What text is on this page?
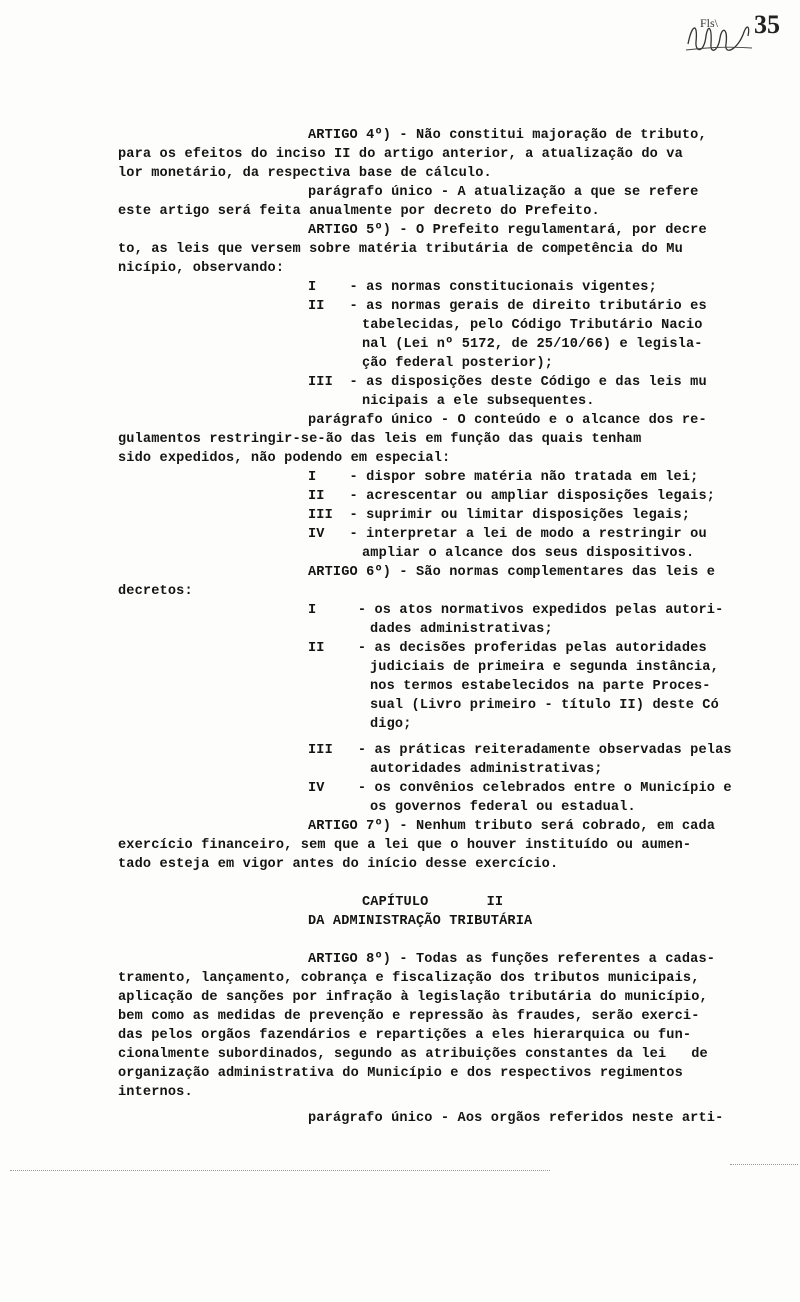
Fls\ 35
ARTIGO 4º) - Não constitui majoração de tributo,
para os efeitos do inciso II do artigo anterior, a atualização do va
lor monetário, da respectiva base de cálculo.
parágrafo único - A atualização a que se refere
este artigo será feita anualmente por decreto do Prefeito.
ARTIGO 5º) - O Prefeito regulamentará, por decre
to, as leis que versem sobre matéria tributária de competência do Mu
nicípio, observando:
I    - as normas constitucionais vigentes;
II   - as normas gerais de direito tributário es
tabelecidas, pelo Código Tributário Nacio
nal (Lei nº 5172, de 25/10/66) e legisla-
ção federal posterior);
III  - as disposições deste Código e das leis mu
nicipais a ele subsequentes.
parágrafo único - O conteúdo e o alcance dos re-
gulamentos restringir-se-ão das leis em função das quais tenham
sido expedidos, não podendo em especial:
I    - dispor sobre matéria não tratada em lei;
II   - acrescentar ou ampliar disposições legais;
III  - suprimir ou limitar disposições legais;
IV   - interpretar a lei de modo a restringir ou
ampliar o alcance dos seus dispositivos.
ARTIGO 6º) - São normas complementares das leis e
decretos:
I     - os atos normativos expedidos pelas autori-
dades administrativas;
II    - as decisões proferidas pelas autoridades
judiciais de primeira e segunda instância,
nos termos estabelecidos na parte Proces-
sual (Livro primeiro - título II) deste Có
digo;
III   - as práticas reiteradamente observadas pelas
autoridades administrativas;
IV    - os convênios celebrados entre o Município e
os governos federal ou estadual.
ARTIGO 7º) - Nenhum tributo será cobrado, em cada
exercício financeiro, sem que a lei que o houver instituído ou aumen-
tado esteja em vigor antes do início desse exercício.
CAPÍTULO       II
DA ADMINISTRAÇÃO TRIBUTÁRIA
ARTIGO 8º) - Todas as funções referentes a cadas-
tramento, lançamento, cobrança e fiscalização dos tributos municipais,
aplicação de sanções por infração à legislação tributária do município,
bem como as medidas de prevenção e repressão às fraudes, serão exerci-
das pelos orgãos fazendários e repartições a eles hierarquica ou fun-
cionalmente subordinados, segundo as atribuições constantes da lei   de
organização administrativa do Município e dos respectivos regimentos
internos.
parágrafo único - Aos orgãos referidos neste arti-
